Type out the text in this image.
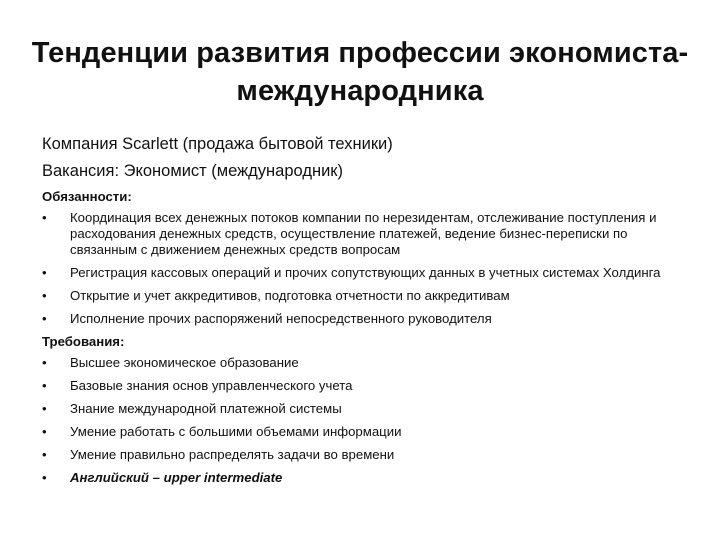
Тенденции развития профессии экономиста-
международника
Компания Scarlett (продажа бытовой техники)
Вакансия: Экономист (международник)
Обязанности:
• Координация всех денежных потоков компании по нерезидентам, отслеживание поступления и расходования денежных средств, осуществление платежей, ведение бизнес-переписки по связанным с движением денежных средств вопросам
• Регистрация кассовых операций и прочих сопутствующих данных в учетных системах Холдинга
• Открытие и учет аккредитивов, подготовка отчетности по аккредитивам
• Исполнение прочих распоряжений непосредственного руководителя
Требования:
• Высшее экономическое образование
• Базовые знания основ управленческого учета
• Знание международной платежной системы
• Умение работать с большими объемами информации
• Умение правильно распределять задачи во времени
• Английский – upper intermediate
